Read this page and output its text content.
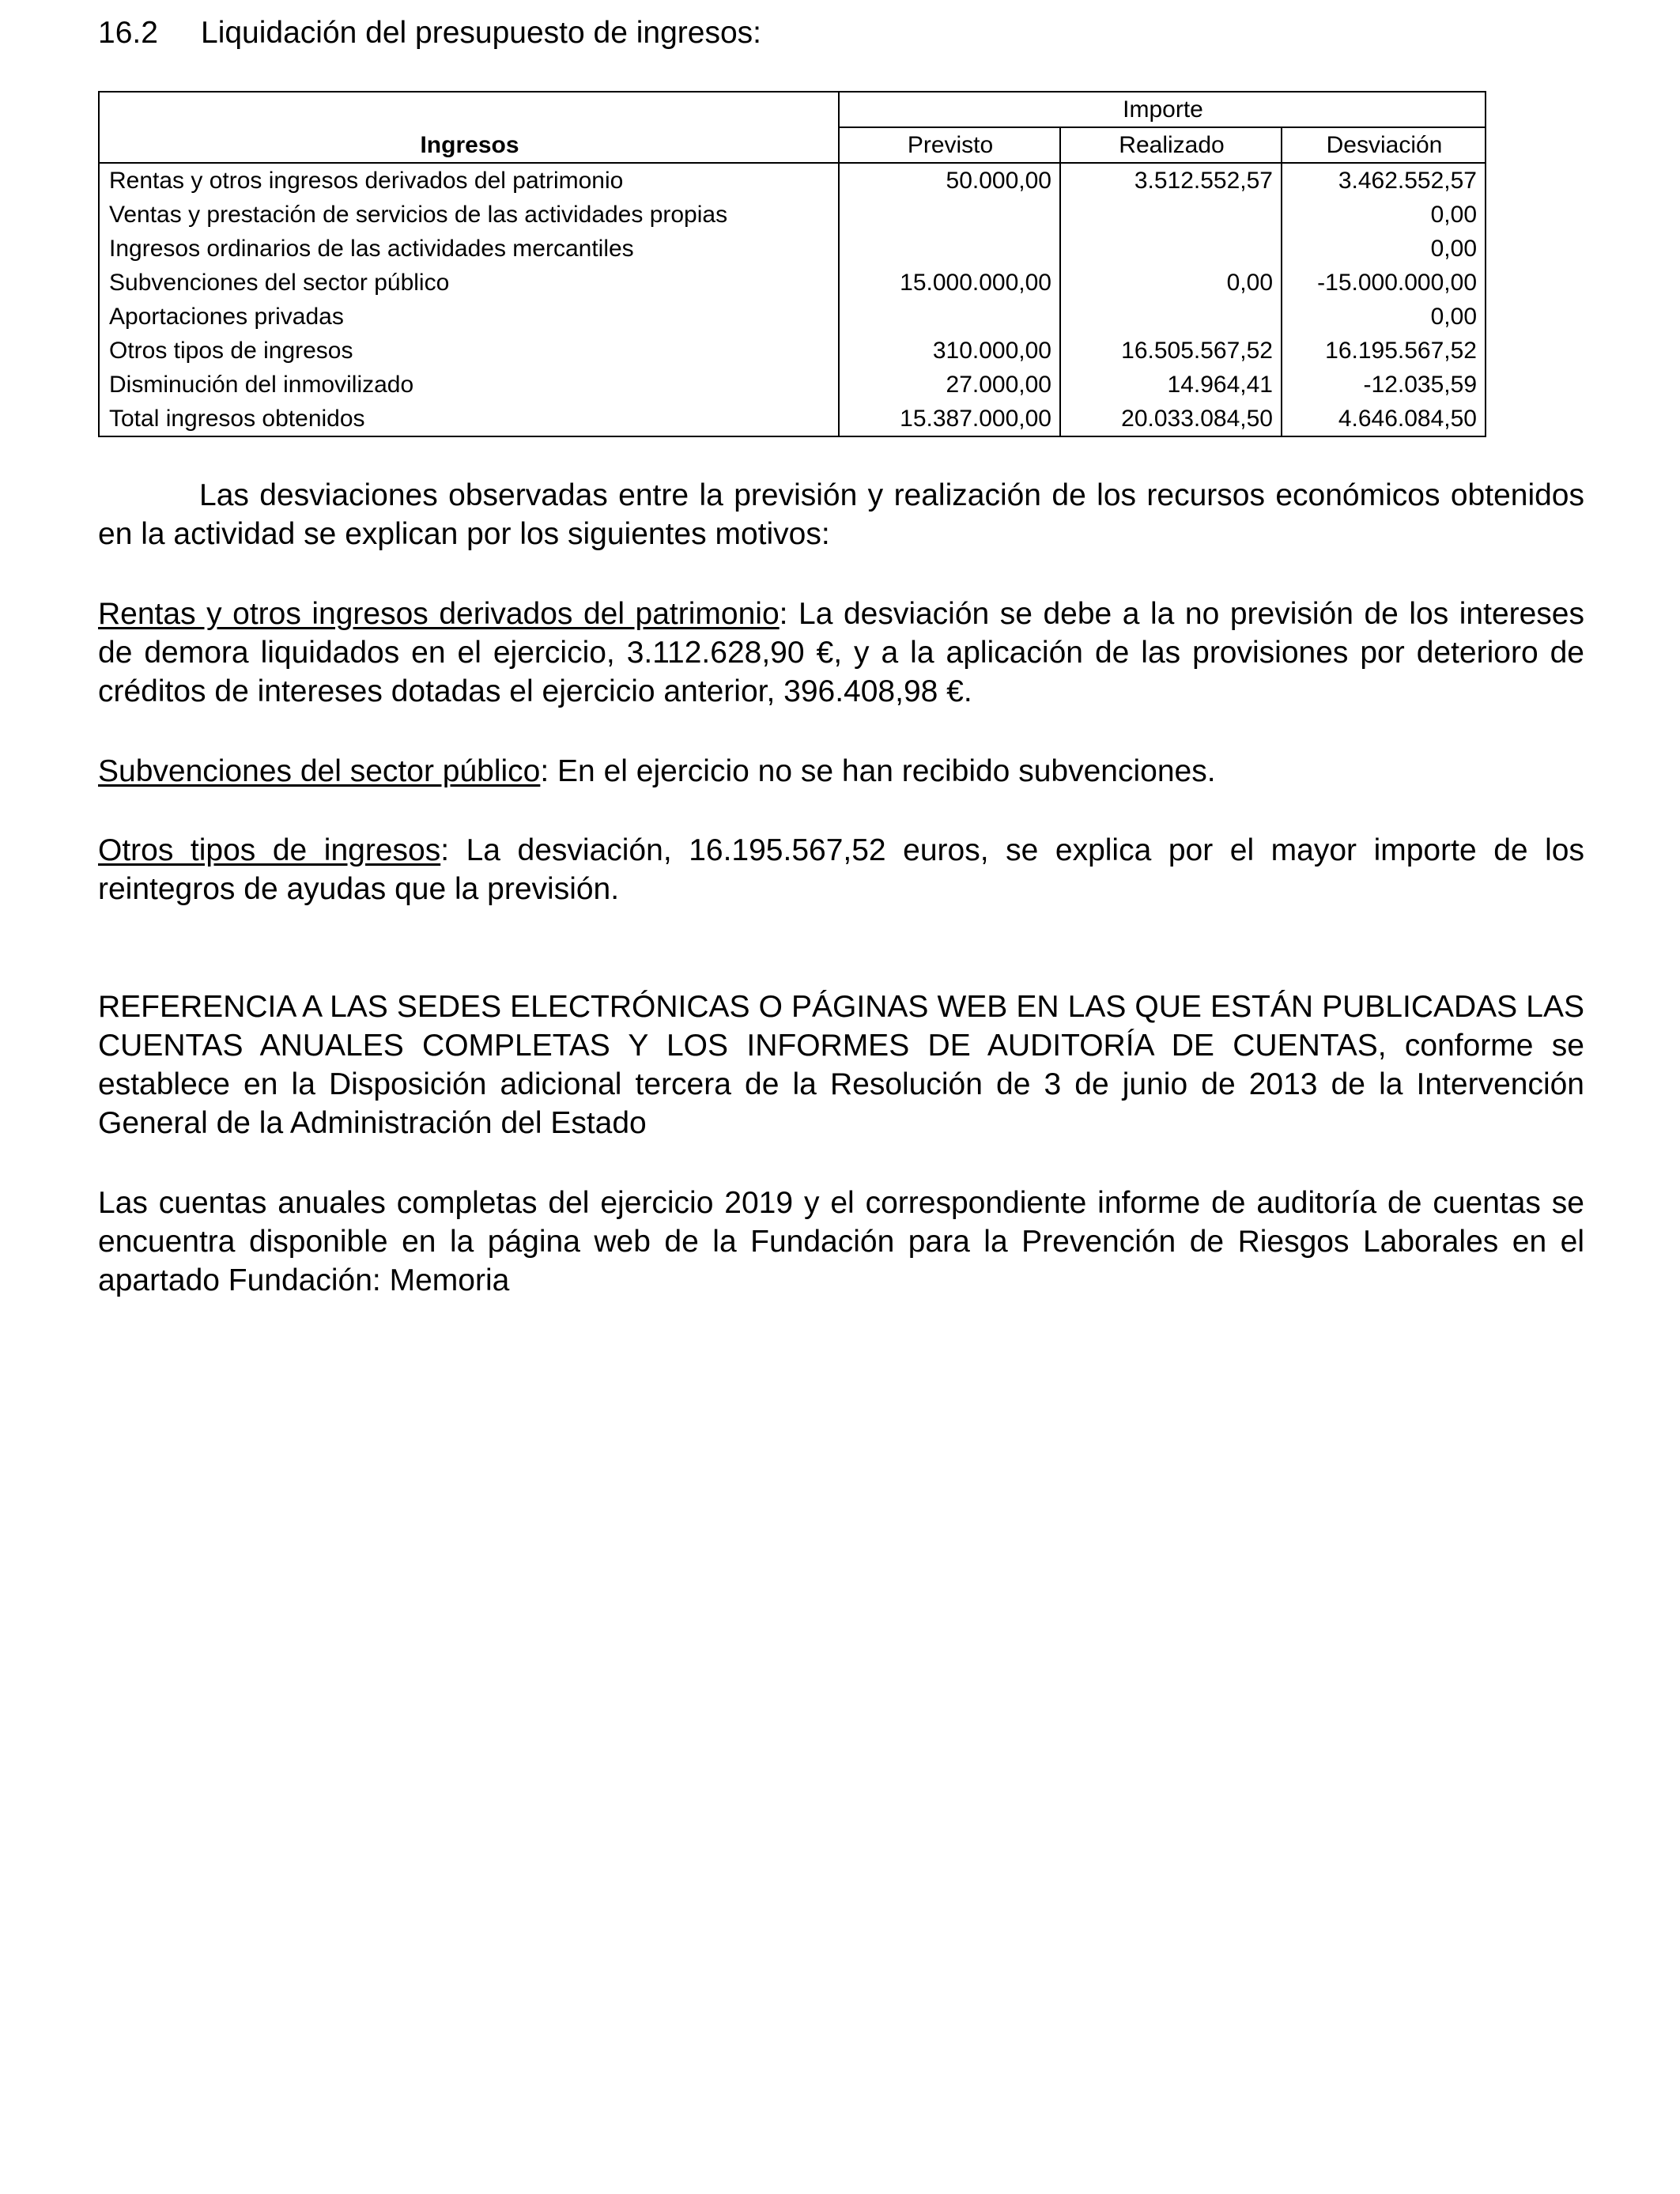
16.2 Liquidación del presupuesto de ingresos:
Ingresos	Importe		
	Previsto	Realizado	Desviación
Rentas y otros ingresos derivados del patrimonio	50.000,00	3.512.552,57	3.462.552,57
Ventas y prestación de servicios de las actividades propias			0,00
Ingresos ordinarios de las actividades mercantiles			0,00
Subvenciones del sector público	15.000.000,00	0,00	-15.000.000,00
Aportaciones privadas			0,00
Otros tipos de ingresos	310.000,00	16.505.567,52	16.195.567,52
Disminución del inmovilizado	27.000,00	14.964,41	-12.035,59
Total ingresos obtenidos	15.387.000,00	20.033.084,50	4.646.084,50

Las desviaciones observadas entre la previsión y realización de los recursos económicos obtenidos en la actividad se explican por los siguientes motivos:

Rentas y otros ingresos derivados del patrimonio: La desviación se debe a la no previsión de los intereses de demora liquidados en el ejercicio, 3.112.628,90 €, y a la aplicación de las provisiones por deterioro de créditos de intereses dotadas el ejercicio anterior, 396.408,98 €.

Subvenciones del sector público: En el ejercicio no se han recibido subvenciones.

Otros tipos de ingresos: La desviación, 16.195.567,52 euros, se explica por el mayor importe de los reintegros de ayudas que la previsión.

REFERENCIA A LAS SEDES ELECTRÓNICAS O PÁGINAS WEB EN LAS QUE ESTÁN PUBLICADAS LAS CUENTAS ANUALES COMPLETAS Y LOS INFORMES DE AUDITORÍA DE CUENTAS, conforme se establece en la Disposición adicional tercera de la Resolución de 3 de junio de 2013 de la Intervención General de la Administración del Estado

Las cuentas anuales completas del ejercicio 2019 y el correspondiente informe de auditoría de cuentas se encuentra disponible en la página web de la Fundación para la Prevención de Riesgos Laborales en el apartado Fundación: Memoria
